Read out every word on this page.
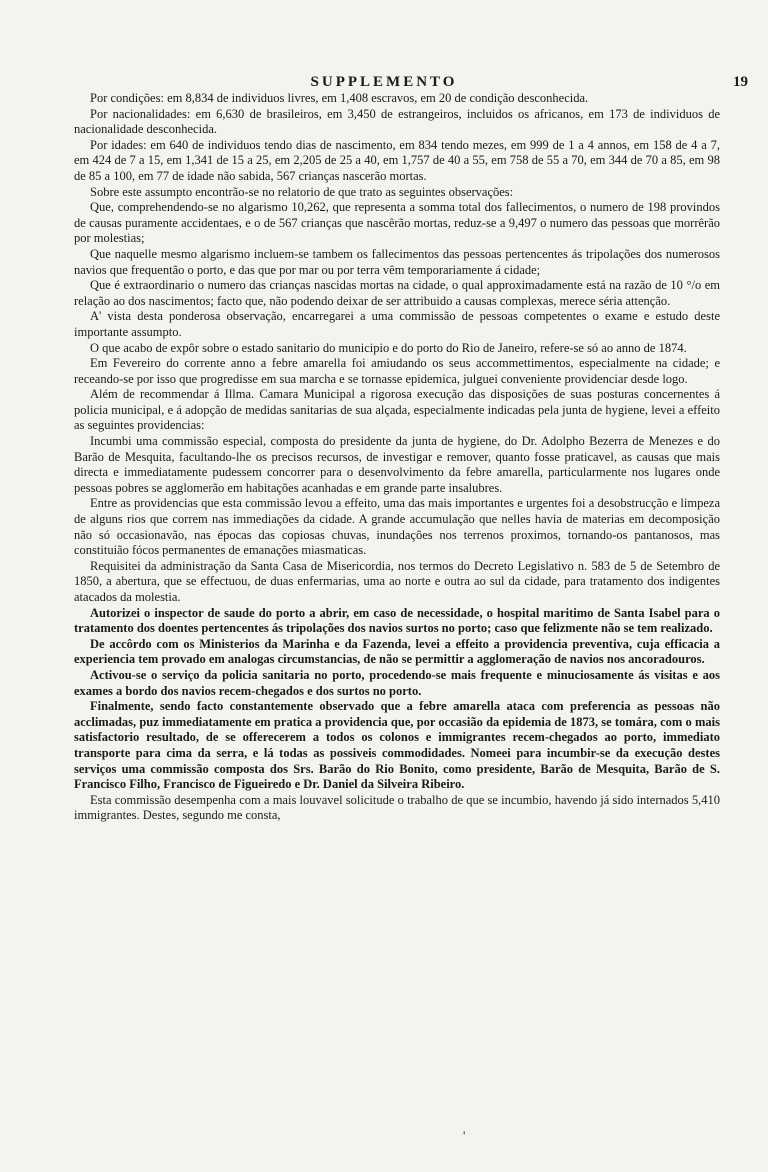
SUPPLEMENTO	19

Por condições: em 8,834 de individuos livres, em 1,408 escravos, em 20 de condição desconhecida.

Por nacionalidades: em 6,630 de brasileiros, em 3,450 de estrangeiros, incluidos os africanos, em 173 de individuos de nacionalidade desconhecida.

Por idades: em 640 de individuos tendo dias de nascimento, em 834 tendo mezes, em 999 de 1 a 4 annos, em 158 de 4 a 7, em 424 de 7 a 15, em 1,341 de 15 a 25, em 2,205 de 25 a 40, em 1,757 de 40 a 55, em 758 de 55 a 70, em 344 de 70 a 85, em 98 de 85 a 100, em 77 de idade não sabida, 567 crianças nascerão mortas.

Sobre este assumpto encontrão-se no relatorio de que trato as seguintes observações:

Que, comprehendendo-se no algarismo 10,262, que representa a somma total dos fallecimentos, o numero de 198 provindos de causas puramente accidentaes, e o de 567 crianças que nascêrão mortas, reduz-se a 9,497 o numero das pessoas que morrêrão por molestias;

Que naquelle mesmo algarismo incluem-se tambem os fallecimentos das pessoas pertencentes ás tripolações dos numerosos navios que frequentão o porto, e das que por mar ou por terra vêm temporariamente á cidade;

Que é extraordinario o numero das crianças nascidas mortas na cidade, o qual approximadamente está na razão de 10 °/o em relação ao dos nascimentos; facto que, não podendo deixar de ser attribuido a causas complexas, merece séria attenção.

A' vista desta ponderosa observação, encarregarei a uma commissão de pessoas competentes o exame e estudo deste importante assumpto.

O que acabo de expôr sobre o estado sanitario do municipio e do porto do Rio de Janeiro, refere-se só ao anno de 1874.

Em Fevereiro do corrente anno a febre amarella foi amiudando os seus accommettimentos, especialmente na cidade; e receando-se por isso que progredisse em sua marcha e se tornasse epidemica, julguei conveniente providenciar desde logo.

Além de recommendar á Illma. Camara Municipal a rigorosa execução das disposições de suas posturas concernentes á policia municipal, e á adopção de medidas sanitarias de sua alçada, especialmente indicadas pela junta de hygiene, levei a effeito as seguintes providencias:

Incumbi uma commissão especial, composta do presidente da junta de hygiene, do Dr. Adolpho Bezerra de Menezes e do Barão de Mesquita, facultando-lhe os precisos recursos, de investigar e remover, quanto fosse praticavel, as causas que mais directa e immediatamente pudessem concorrer para o desenvolvimento da febre amarella, particularmente nos lugares onde pessoas pobres se agglomerão em habitações acanhadas e em grande parte insalubres.

Entre as providencias que esta commissão levou a effeito, uma das mais importantes e urgentes foi a desobstrucção e limpeza de alguns rios que correm nas immediações da cidade. A grande accumulação que nelles havia de materias em decomposição não só occasionavão, nas épocas das copiosas chuvas, inundações nos terrenos proximos, tornando-os pantanosos, mas constituião fócos permanentes de emanações miasmaticas.

Requisitei da administração da Santa Casa de Misericordia, nos termos do Decreto Legislativo n. 583 de 5 de Setembro de 1850, a abertura, que se effectuou, de duas enfermarias, uma ao norte e outra ao sul da cidade, para tratamento dos indigentes atacados da molestia.

Autorizei o inspector de saude do porto a abrir, em caso de necessidade, o hospital maritimo de Santa Isabel para o tratamento dos doentes pertencentes ás tripolações dos navios surtos no porto; caso que felizmente não se tem realizado.

De accôrdo com os Ministerios da Marinha e da Fazenda, levei a effeito a providencia preventiva, cuja efficacia a experiencia tem provado em analogas circumstancias, de não se permittir a agglomeração de navios nos ancoradouros.

Activou-se o serviço da policia sanitaria no porto, procedendo-se mais frequente e minuciosamente ás visitas e aos exames a bordo dos navios recem-chegados e dos surtos no porto.

Finalmente, sendo facto constantemente observado que a febre amarella ataca com preferencia as pessoas não acclimadas, puz immediatamente em pratica a providencia que, por occasião da epidemia de 1873, se tomára, com o mais satisfactorio resultado, de se offerecerem a todos os colonos e immigrantes recem-chegados ao porto, immediato transporte para cima da serra, e lá todas as possiveis commodidades. Nomeei para incumbir-se da execução destes serviços uma commissão composta dos Srs. Barão do Rio Bonito, como presidente, Barão de Mesquita, Barão de S. Francisco Filho, Francisco de Figueiredo e Dr. Daniel da Silveira Ribeiro.

Esta commissão desempenha com a mais louvavel solicitude o trabalho de que se incumbio, havendo já sido internados 5,410 immigrantes. Destes, segundo me consta,

'
